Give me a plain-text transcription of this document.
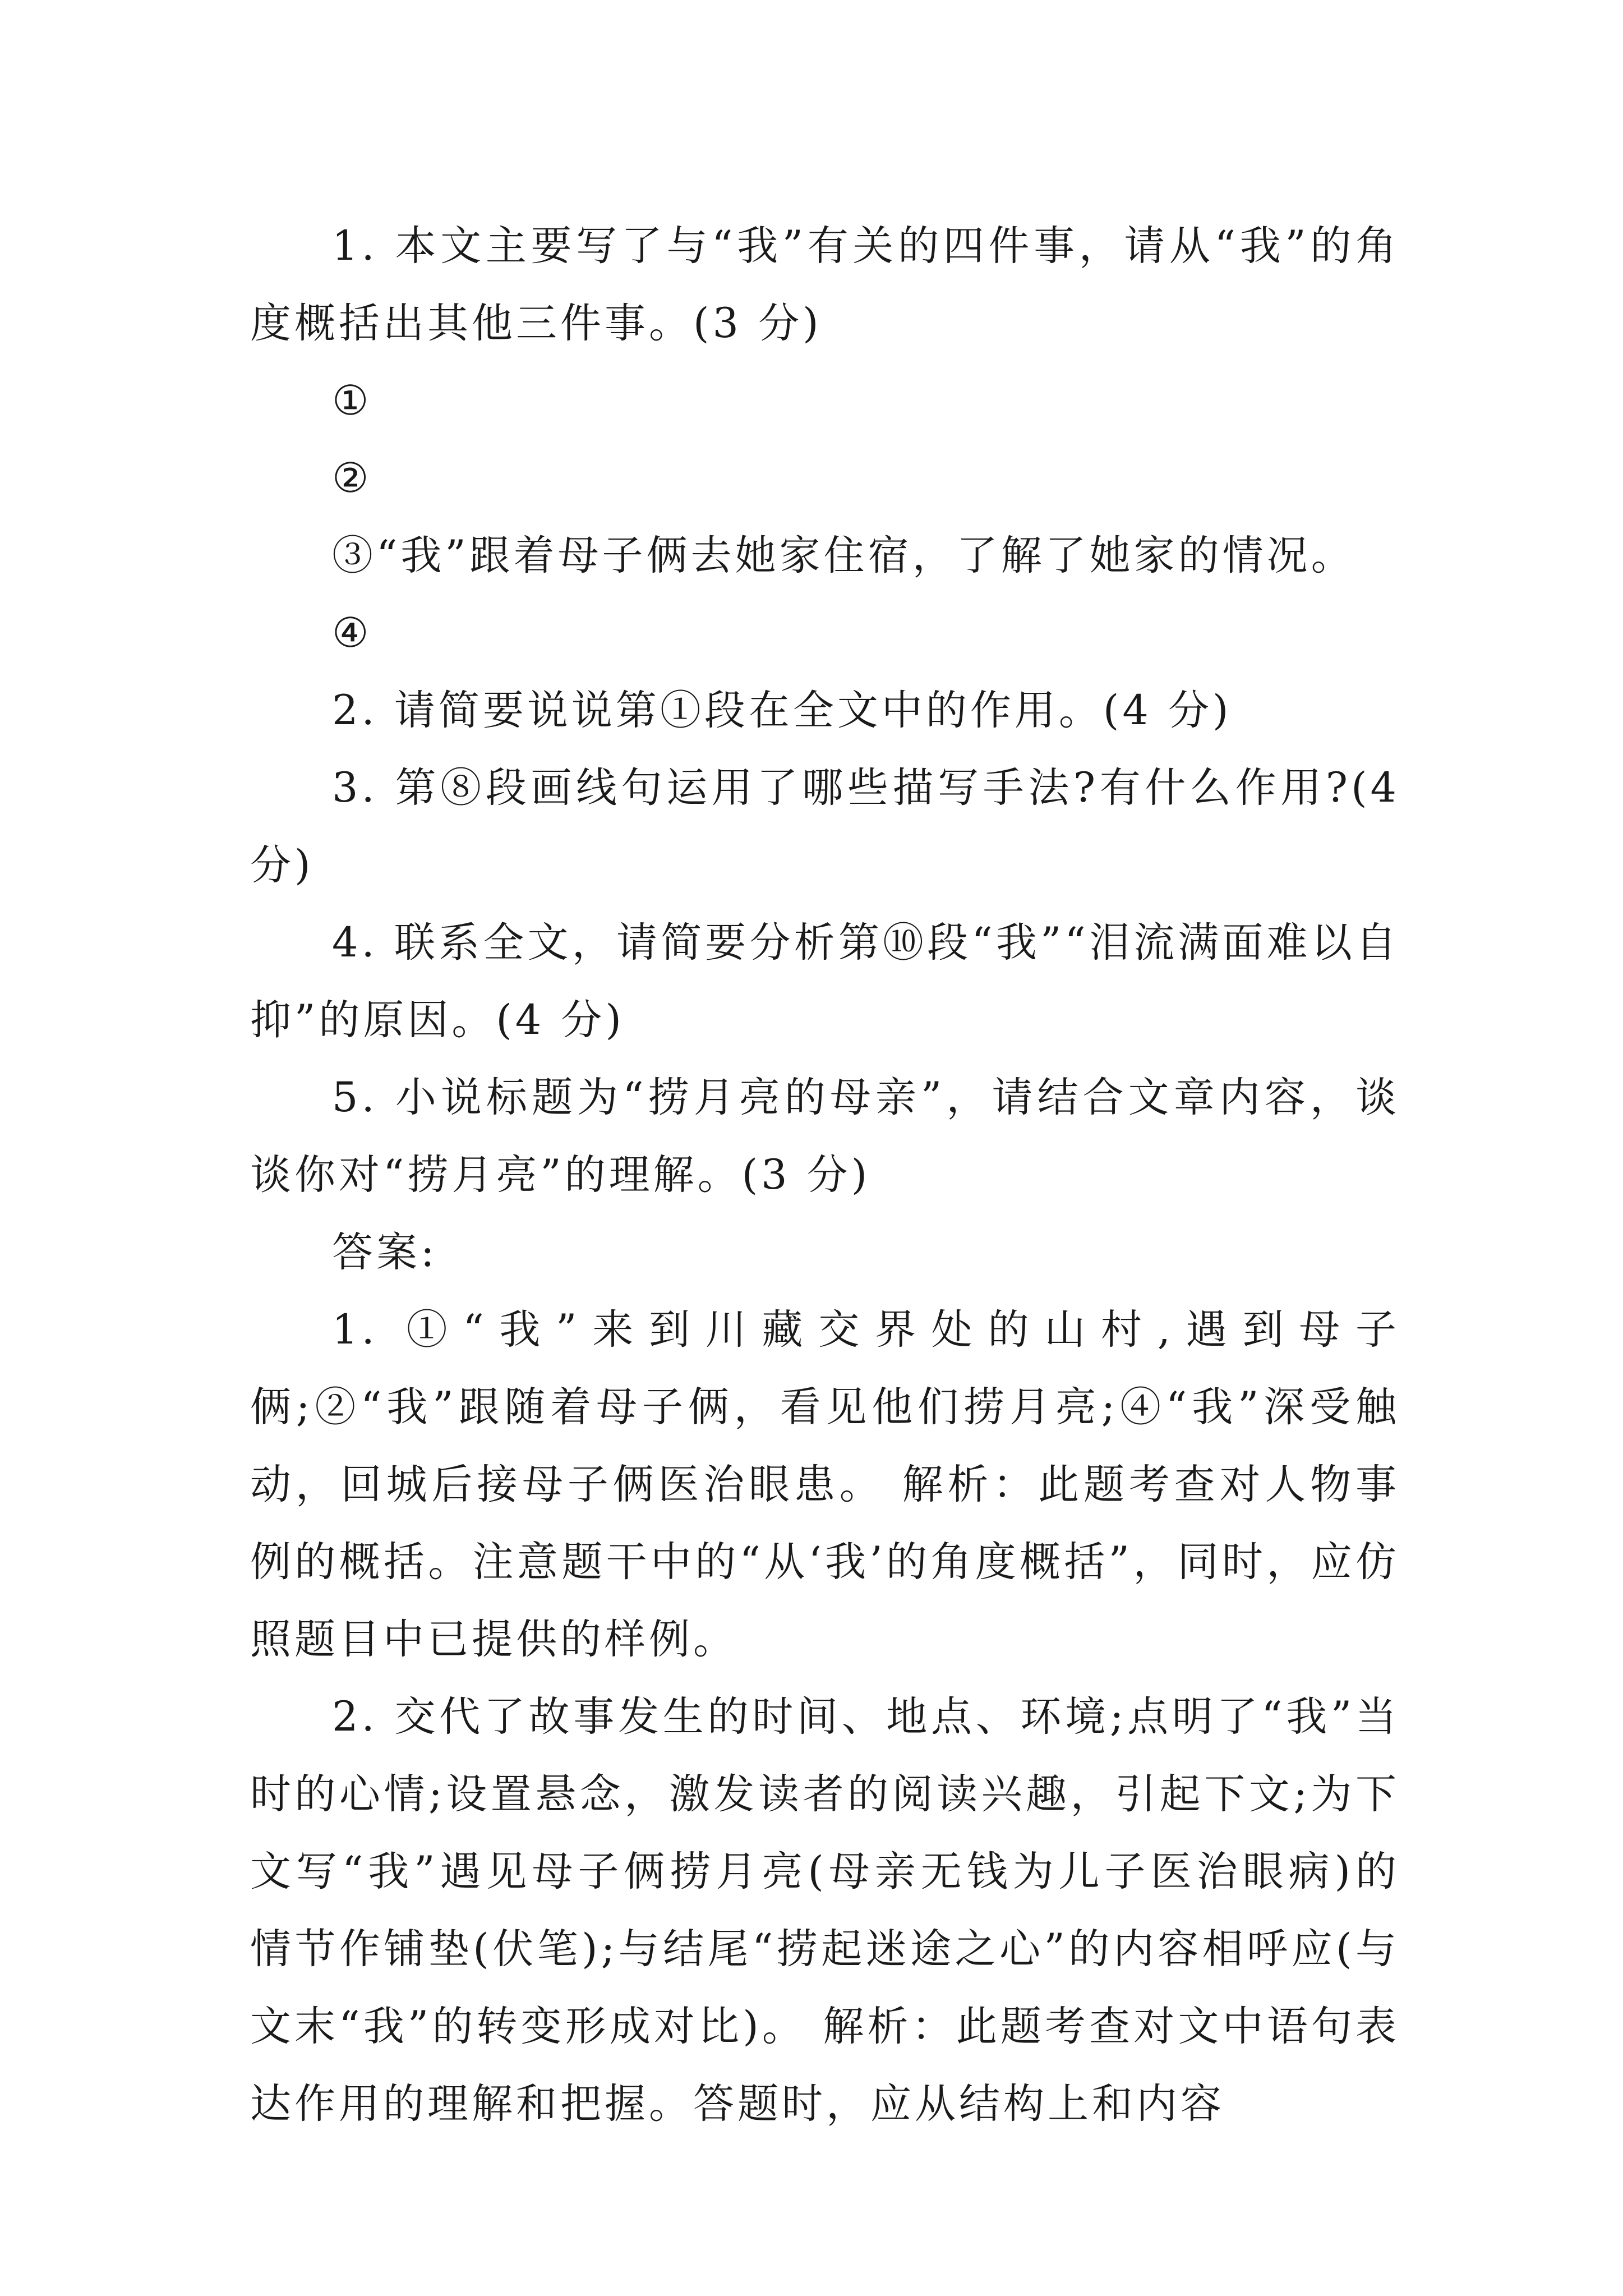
1. 本文主要写了与“我”有关的四件事，请从“我”的角度概括出其他三件事。(3 分)

①

②

③“我”跟着母子俩去她家住宿，了解了她家的情况。

④

2. 请简要说说第①段在全文中的作用。(4 分)

3. 第⑧段画线句运用了哪些描写手法?有什么作用?(4分)

4. 联系全文，请简要分析第⑩段“我”“泪流满面难以自抑”的原因。(4 分)

5. 小说标题为“捞月亮的母亲”，请结合文章内容，谈谈你对“捞月亮”的理解。(3 分)

答案:

1. ①“我”来到川藏交界处的山村,遇到母子俩;②“我”跟随着母子俩，看见他们捞月亮;④“我”深受触动，回城后接母子俩医治眼患。 解析：此题考查对人物事例的概括。注意题干中的“从‘我’的角度概括”，同时，应仿照题目中已提供的样例。

2. 交代了故事发生的时间、地点、环境;点明了“我”当时的心情;设置悬念，激发读者的阅读兴趣，引起下文;为下文写“我”遇见母子俩捞月亮(母亲无钱为儿子医治眼病)的情节作铺垫(伏笔);与结尾“捞起迷途之心”的内容相呼应(与文末“我”的转变形成对比)。 解析：此题考查对文中语句表达作用的理解和把握。答题时，应从结构上和内容
